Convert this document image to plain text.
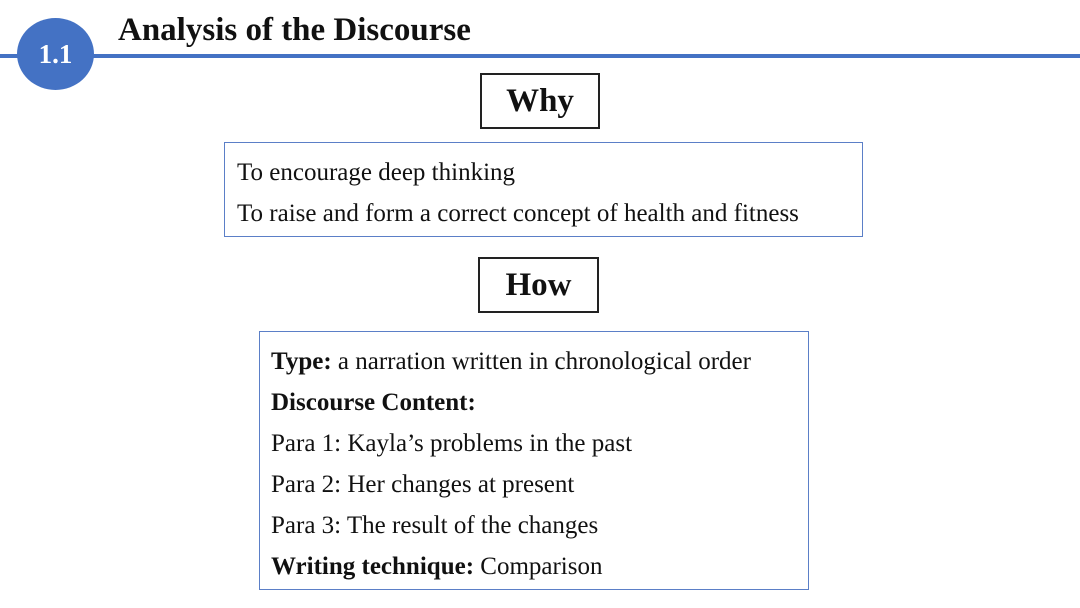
1.1
Analysis of the Discourse
Why
To encourage deep thinking
To raise and form a correct concept of health and fitness
How
Type: a narration written in chronological order
Discourse Content:
Para 1: Kayla’s problems in the past
Para 2: Her changes at present
Para 3: The result of the changes
Writing technique: Comparison
